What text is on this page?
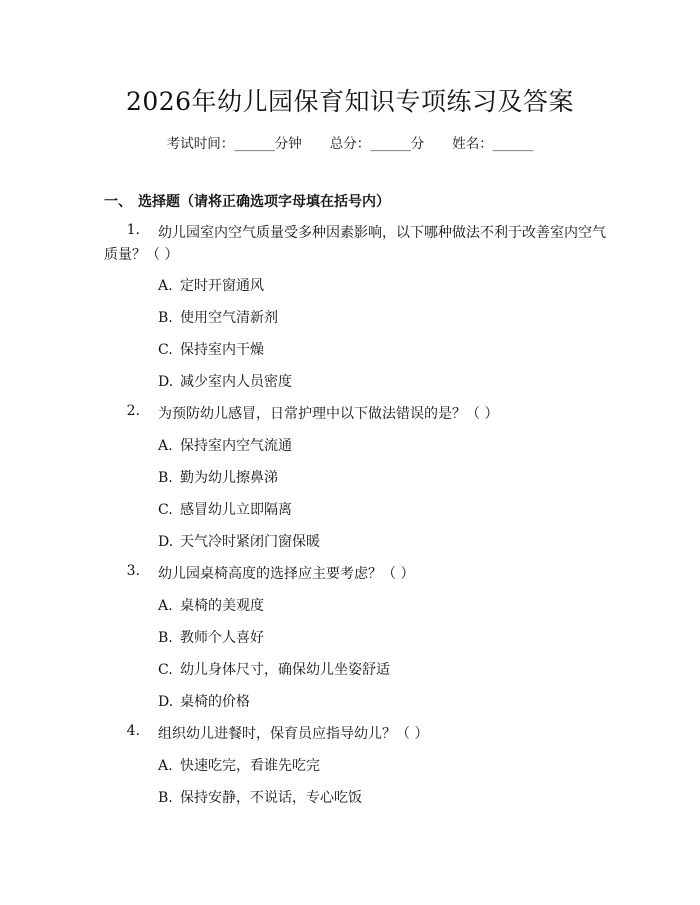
2026年幼儿园保育知识专项练习及答案
考试时间：______分钟 总分：______分 姓名：______
一、 选择题（请将正确选项字母填在括号内）
1. 幼儿园室内空气质量受多种因素影响，以下哪种做法不利于改善室内空气
质量？（ ）
A. 定时开窗通风
B. 使用空气清新剂
C. 保持室内干燥
D. 减少室内人员密度
2. 为预防幼儿感冒，日常护理中以下做法错误的是？（ ）
A. 保持室内空气流通
B. 勤为幼儿擦鼻涕
C. 感冒幼儿立即隔离
D. 天气冷时紧闭门窗保暖
3. 幼儿园桌椅高度的选择应主要考虑？（ ）
A. 桌椅的美观度
B. 教师个人喜好
C. 幼儿身体尺寸，确保幼儿坐姿舒适
D. 桌椅的价格
4. 组织幼儿进餐时，保育员应指导幼儿？（ ）
A. 快速吃完，看谁先吃完
B. 保持安静，不说话，专心吃饭
